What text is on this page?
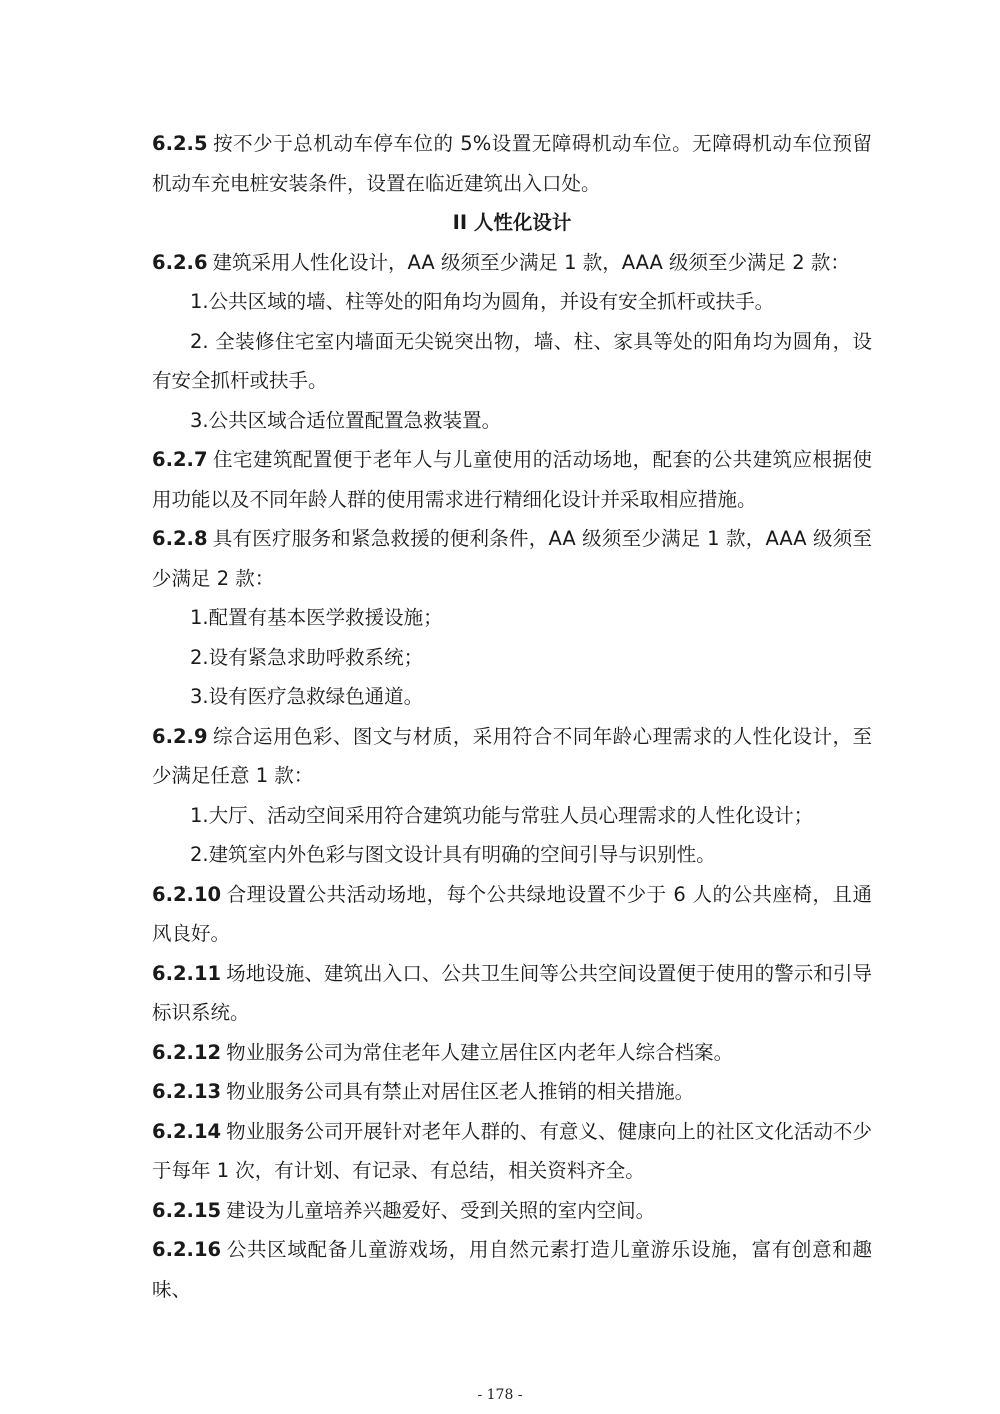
6.2.5 按不少于总机动车停车位的 5%设置无障碍机动车位。无障碍机动车位预留机动车充电桩安装条件，设置在临近建筑出入口处。

II 人性化设计

6.2.6 建筑采用人性化设计，AA 级须至少满足 1 款，AAA 级须至少满足 2 款：

1.公共区域的墙、柱等处的阳角均为圆角，并设有安全抓杆或扶手。

2. 全装修住宅室内墙面无尖锐突出物，墙、柱、家具等处的阳角均为圆角，设有安全抓杆或扶手。

3.公共区域合适位置配置急救装置。

6.2.7 住宅建筑配置便于老年人与儿童使用的活动场地，配套的公共建筑应根据使用功能以及不同年龄人群的使用需求进行精细化设计并采取相应措施。

6.2.8 具有医疗服务和紧急救援的便利条件，AA 级须至少满足 1 款，AAA 级须至少满足 2 款：

1.配置有基本医学救援设施；

2.设有紧急求助呼救系统；

3.设有医疗急救绿色通道。

6.2.9 综合运用色彩、图文与材质，采用符合不同年龄心理需求的人性化设计，至少满足任意 1 款：

1.大厅、活动空间采用符合建筑功能与常驻人员心理需求的人性化设计；

2.建筑室内外色彩与图文设计具有明确的空间引导与识别性。

6.2.10 合理设置公共活动场地，每个公共绿地设置不少于 6 人的公共座椅，且通风良好。

6.2.11 场地设施、建筑出入口、公共卫生间等公共空间设置便于使用的警示和引导标识系统。

6.2.12 物业服务公司为常住老年人建立居住区内老年人综合档案。

6.2.13 物业服务公司具有禁止对居住区老人推销的相关措施。

6.2.14 物业服务公司开展针对老年人群的、有意义、健康向上的社区文化活动不少于每年 1 次，有计划、有记录、有总结，相关资料齐全。

6.2.15 建设为儿童培养兴趣爱好、受到关照的室内空间。

6.2.16 公共区域配备儿童游戏场，用自然元素打造儿童游乐设施，富有创意和趣味、

- 178 -
